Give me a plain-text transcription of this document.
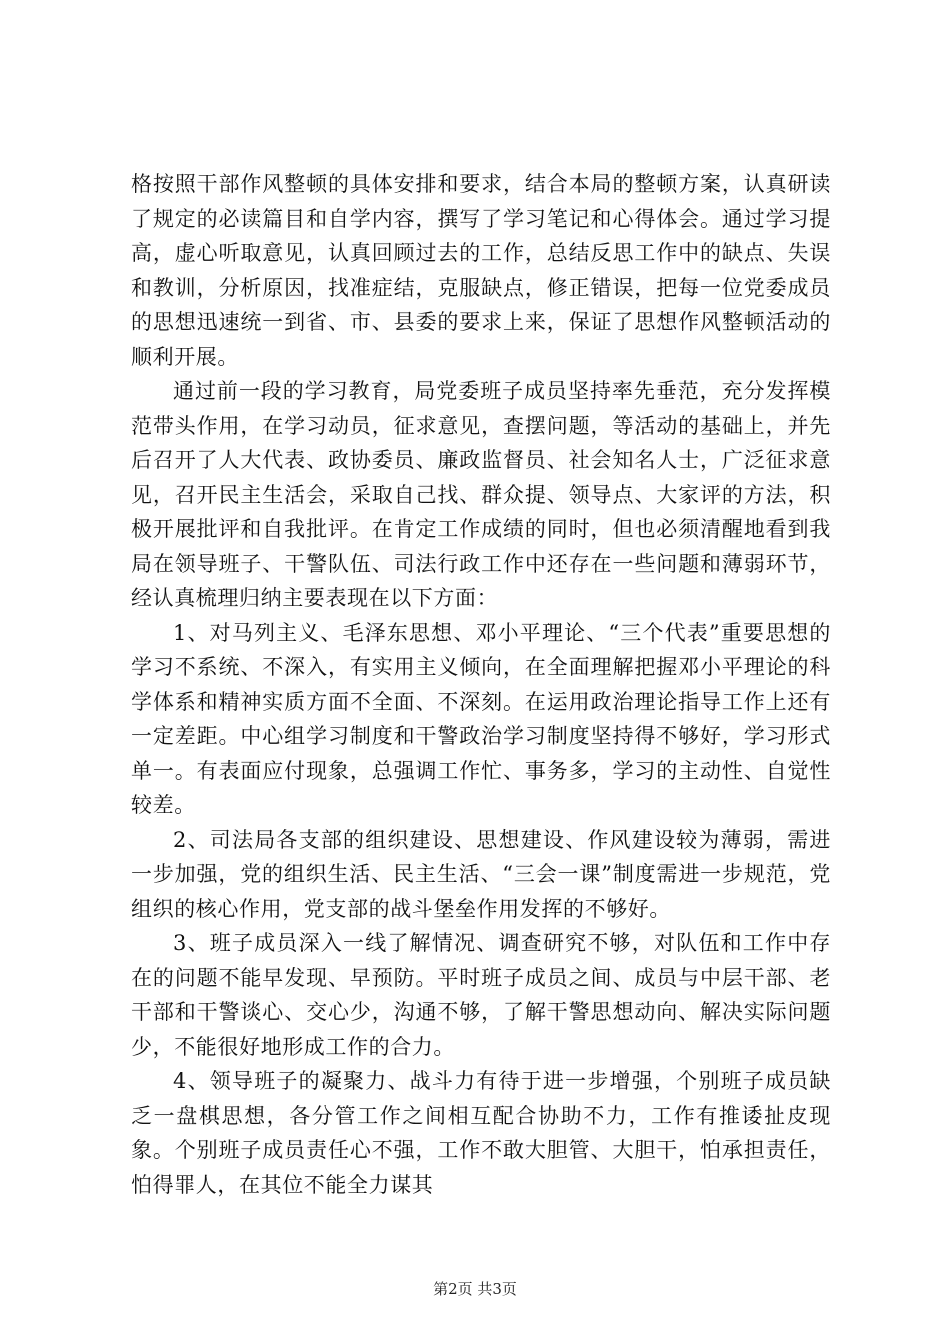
格按照干部作风整顿的具体安排和要求，结合本局的整顿方案，认真研读了规定的必读篇目和自学内容，撰写了学习笔记和心得体会。通过学习提高，虚心听取意见，认真回顾过去的工作，总结反思工作中的缺点、失误和教训，分析原因，找准症结，克服缺点，修正错误，把每一位党委成员的思想迅速统一到省、市、县委的要求上来，保证了思想作风整顿活动的顺利开展。

通过前一段的学习教育，局党委班子成员坚持率先垂范，充分发挥模范带头作用，在学习动员，征求意见，查摆问题，等活动的基础上，并先后召开了人大代表、政协委员、廉政监督员、社会知名人士，广泛征求意见，召开民主生活会，采取自己找、群众提、领导点、大家评的方法，积极开展批评和自我批评。在肯定工作成绩的同时，但也必须清醒地看到我局在领导班子、干警队伍、司法行政工作中还存在一些问题和薄弱环节，经认真梳理归纳主要表现在以下方面：

1、对马列主义、毛泽东思想、邓小平理论、“三个代表”重要思想的学习不系统、不深入，有实用主义倾向，在全面理解把握邓小平理论的科学体系和精神实质方面不全面、不深刻。在运用政治理论指导工作上还有一定差距。中心组学习制度和干警政治学习制度坚持得不够好，学习形式单一。有表面应付现象，总强调工作忙、事务多，学习的主动性、自觉性较差。

2、司法局各支部的组织建设、思想建设、作风建设较为薄弱，需进一步加强，党的组织生活、民主生活、“三会一课”制度需进一步规范，党组织的核心作用，党支部的战斗堡垒作用发挥的不够好。

3、班子成员深入一线了解情况、调查研究不够，对队伍和工作中存在的问题不能早发现、早预防。平时班子成员之间、成员与中层干部、老干部和干警谈心、交心少，沟通不够，了解干警思想动向、解决实际问题少，不能很好地形成工作的合力。

4、领导班子的凝聚力、战斗力有待于进一步增强，个别班子成员缺乏一盘棋思想，各分管工作之间相互配合协助不力，工作有推诿扯皮现象。个别班子成员责任心不强，工作不敢大胆管、大胆干，怕承担责任，怕得罪人，在其位不能全力谋其

第2页 共3页
